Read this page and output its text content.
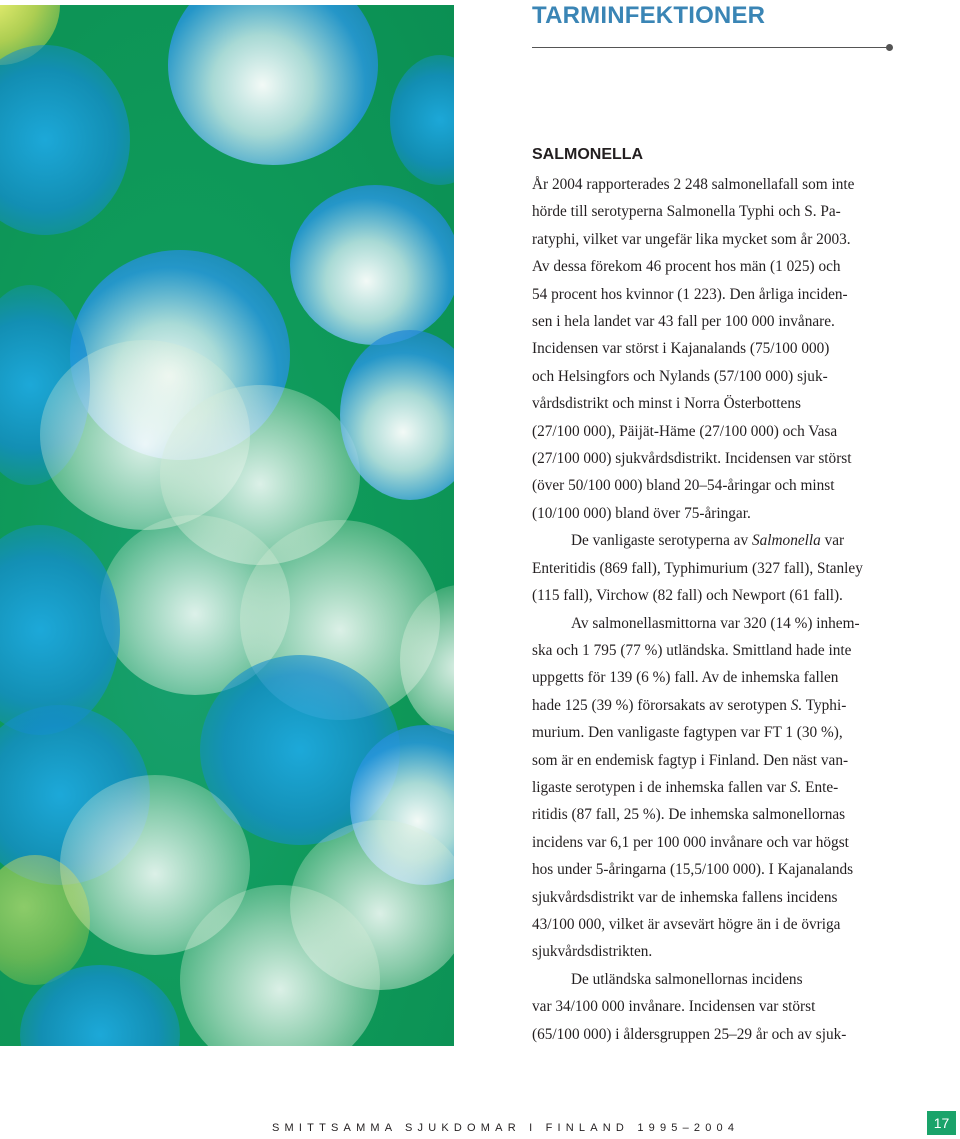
TARMINFEKTIONER
SALMONELLA
År 2004 rapporterades 2 248 salmonellafall som inte
hörde till serotyperna Salmonella Typhi och S. Pa-
ratyphi, vilket var ungefär lika mycket som år 2003.
Av dessa förekom 46 procent hos män (1 025) och
54 procent hos kvinnor (1 223). Den årliga inciden-
sen i hela landet var 43 fall per 100 000 invånare.
Incidensen var störst i Kajanalands (75/100 000)
och Helsingfors och Nylands (57/100 000) sjuk-
vårdsdistrikt och minst i Norra Österbottens
(27/100 000), Päijät-Häme (27/100 000) och Vasa
(27/100 000) sjukvårdsdistrikt. Incidensen var störst
(över 50/100 000) bland 20–54-åringar och minst
(10/100 000) bland över 75-åringar.
De vanligaste serotyperna av Salmonella var
Enteritidis (869 fall), Typhimurium (327 fall), Stanley
(115 fall), Virchow (82 fall) och Newport (61 fall).
Av salmonellasmittorna var 320 (14 %) inhem-
ska och 1 795 (77 %) utländska. Smittland hade inte
uppgetts för 139 (6 %) fall. Av de inhemska fallen
hade 125 (39 %) förorsakats av serotypen S. Typhi-
murium. Den vanligaste fagtypen var FT 1 (30 %),
som är en endemisk fagtyp i Finland. Den näst van-
ligaste serotypen i de inhemska fallen var S. Ente-
ritidis (87 fall, 25 %). De inhemska salmonellornas
incidens var 6,1 per 100 000 invånare och var högst
hos under 5-åringarna (15,5/100 000). I Kajanalands
sjukvårdsdistrikt var de inhemska fallens incidens
43/100 000, vilket är avsevärt högre än i de övriga
sjukvårdsdistrikten.
De utländska salmonellornas incidens
var 34/100 000 invånare. Incidensen var störst
(65/100 000) i åldersgruppen 25–29 år och av sjuk-
SMITTSAMMA SJUKDOMAR I FINLAND 1995–2004	17
